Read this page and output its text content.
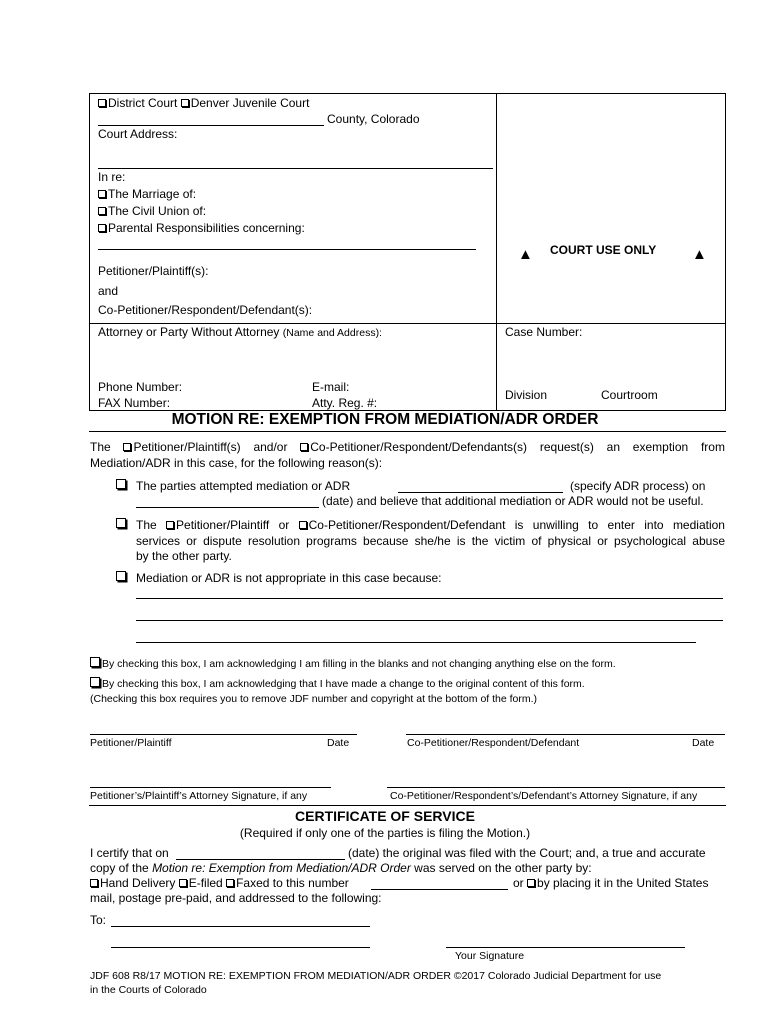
District Court Denver Juvenile Court
County, Colorado
Court Address:
In re:
The Marriage of:
The Civil Union of:
Parental Responsibilities concerning:
Petitioner/Plaintiff(s):
and
Co-Petitioner/Respondent/Defendant(s):
Attorney or Party Without Attorney (Name and Address):
Phone Number:	E-mail:
FAX Number:	Atty. Reg. #:
▲ COURT USE ONLY ▲
Case Number:
Division	Courtroom
MOTION RE: EXEMPTION FROM MEDIATION/ADR ORDER
The Petitioner/Plaintiff(s) and/or Co-Petitioner/Respondent/Defendants(s) request(s) an exemption from
Mediation/ADR in this case, for the following reason(s):
The parties attempted mediation or ADR	(specify ADR process) on
(date) and believe that additional mediation or ADR would not be useful.
The Petitioner/Plaintiff or Co-Petitioner/Respondent/Defendant is unwilling to enter into mediation
services or dispute resolution programs because she/he is the victim of physical or psychological abuse
by the other party.
Mediation or ADR is not appropriate in this case because:
By checking this box, I am acknowledging I am filling in the blanks and not changing anything else on the form.
By checking this box, I am acknowledging that I have made a change to the original content of this form.
(Checking this box requires you to remove JDF number and copyright at the bottom of the form.)
Petitioner/Plaintiff	Date	Co-Petitioner/Respondent/Defendant	Date
Petitioner’s/Plaintiff’s Attorney Signature, if any	Co-Petitioner/Respondent’s/Defendant’s Attorney Signature, if any
CERTIFICATE OF SERVICE
(Required if only one of the parties is filing the Motion.)
I certify that on	(date) the original was filed with the Court; and, a true and accurate
copy of the Motion re: Exemption from Mediation/ADR Order was served on the other party by:
Hand Delivery E-filed Faxed to this number	or by placing it in the United States
mail, postage pre-paid, and addressed to the following:
To:
Your Signature
JDF 608 R8/17 MOTION RE: EXEMPTION FROM MEDIATION/ADR ORDER ©2017 Colorado Judicial Department for use
in the Courts of Colorado
